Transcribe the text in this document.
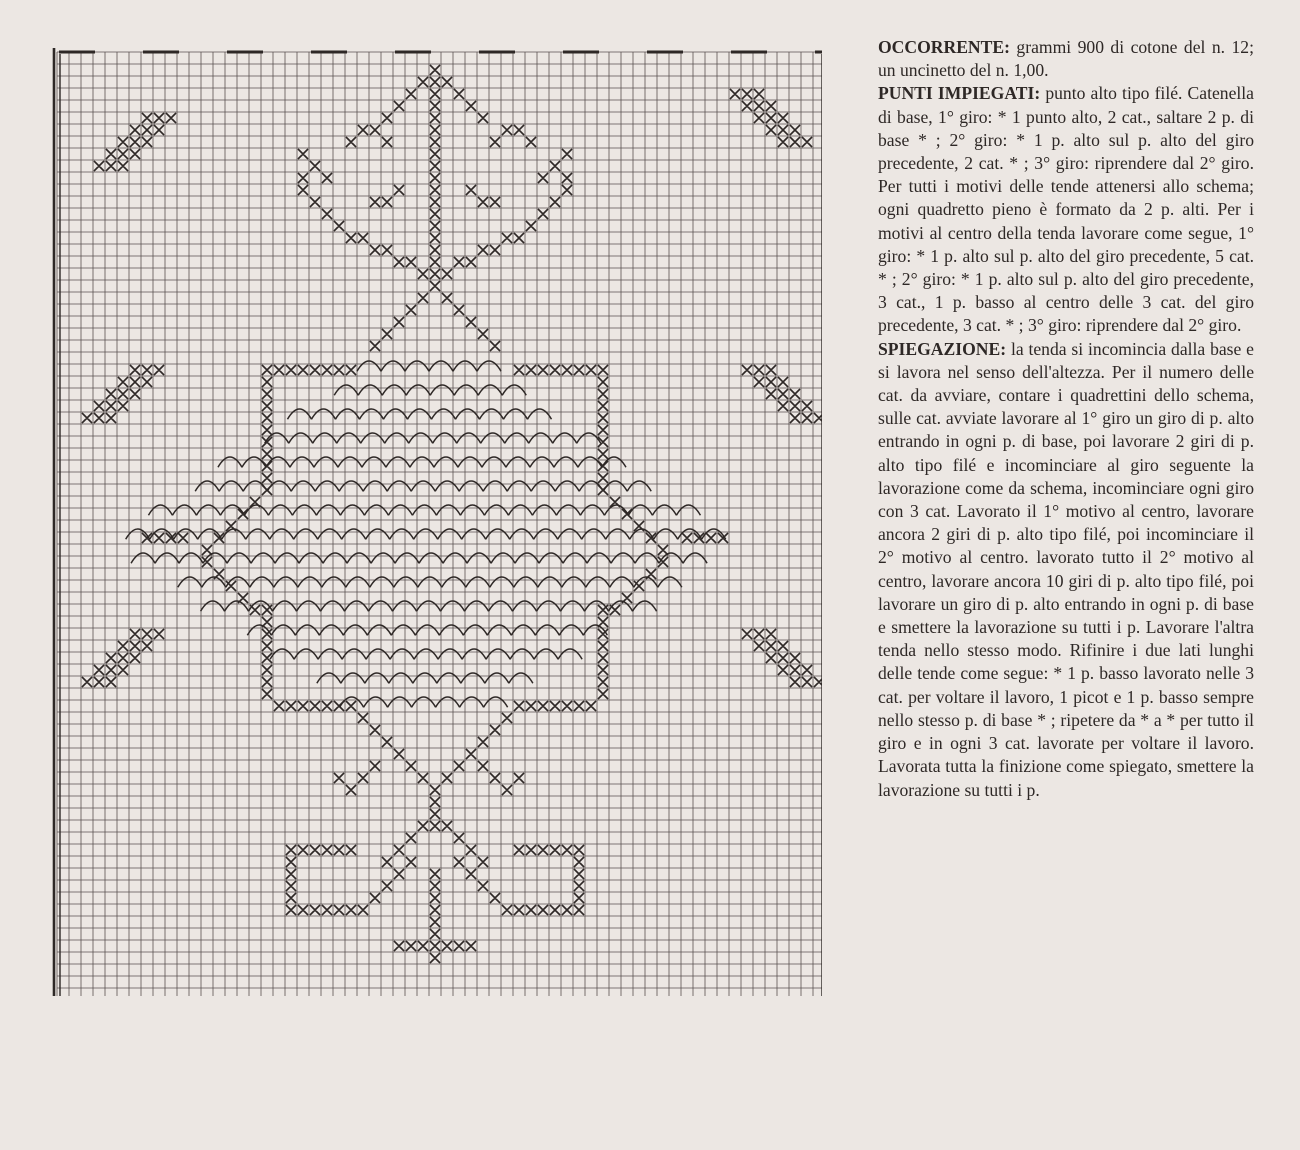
OCCORRENTE: grammi 900 di cotone del n. 12; un uncinetto del n. 1,00.

PUNTI IMPIEGATI: punto alto tipo filé. Catenella di base, 1° giro: * 1 punto alto, 2 cat., saltare 2 p. di base * ; 2° giro: * 1 p. alto sul p. alto del giro precedente, 2 cat. * ; 3° giro: riprendere dal 2° giro. Per tutti i motivi delle tende attenersi allo schema; ogni quadretto pieno è formato da 2 p. alti. Per i motivi al centro della tenda lavorare come segue, 1° giro: * 1 p. alto sul p. alto del giro precedente, 5 cat. * ; 2° giro: * 1 p. alto sul p. alto del giro precedente, 3 cat., 1 p. basso al centro delle 3 cat. del giro precedente, 3 cat. * ; 3° giro: riprendere dal 2° giro.

SPIEGAZIONE: la tenda si incomincia dalla base e si lavora nel senso dell'altezza. Per il numero delle cat. da avviare, contare i quadrettini dello schema, sulle cat. avviate lavorare al 1° giro un giro di p. alto entrando in ogni p. di base, poi lavorare 2 giri di p. alto tipo filé e incominciare al giro seguente la lavorazione come da schema, incominciare ogni giro con 3 cat. Lavorato il 1° motivo al centro, lavorare ancora 2 giri di p. alto tipo filé, poi incominciare il 2° motivo al centro. lavorato tutto il 2° motivo al centro, lavorare ancora 10 giri di p. alto tipo filé, poi lavorare un giro di p. alto entrando in ogni p. di base e smettere la lavorazione su tutti i p. Lavorare l'altra tenda nello stesso modo. Rifinire i due lati lunghi delle tende come segue: * 1 p. basso lavorato nelle 3 cat. per voltare il lavoro, 1 picot e 1 p. basso sempre nello stesso p. di base * ; ripetere da * a * per tutto il giro e in ogni 3 cat. lavorate per voltare il lavoro. Lavorata tutta la finizione come spiegato, smettere la lavorazione su tutti i p.
